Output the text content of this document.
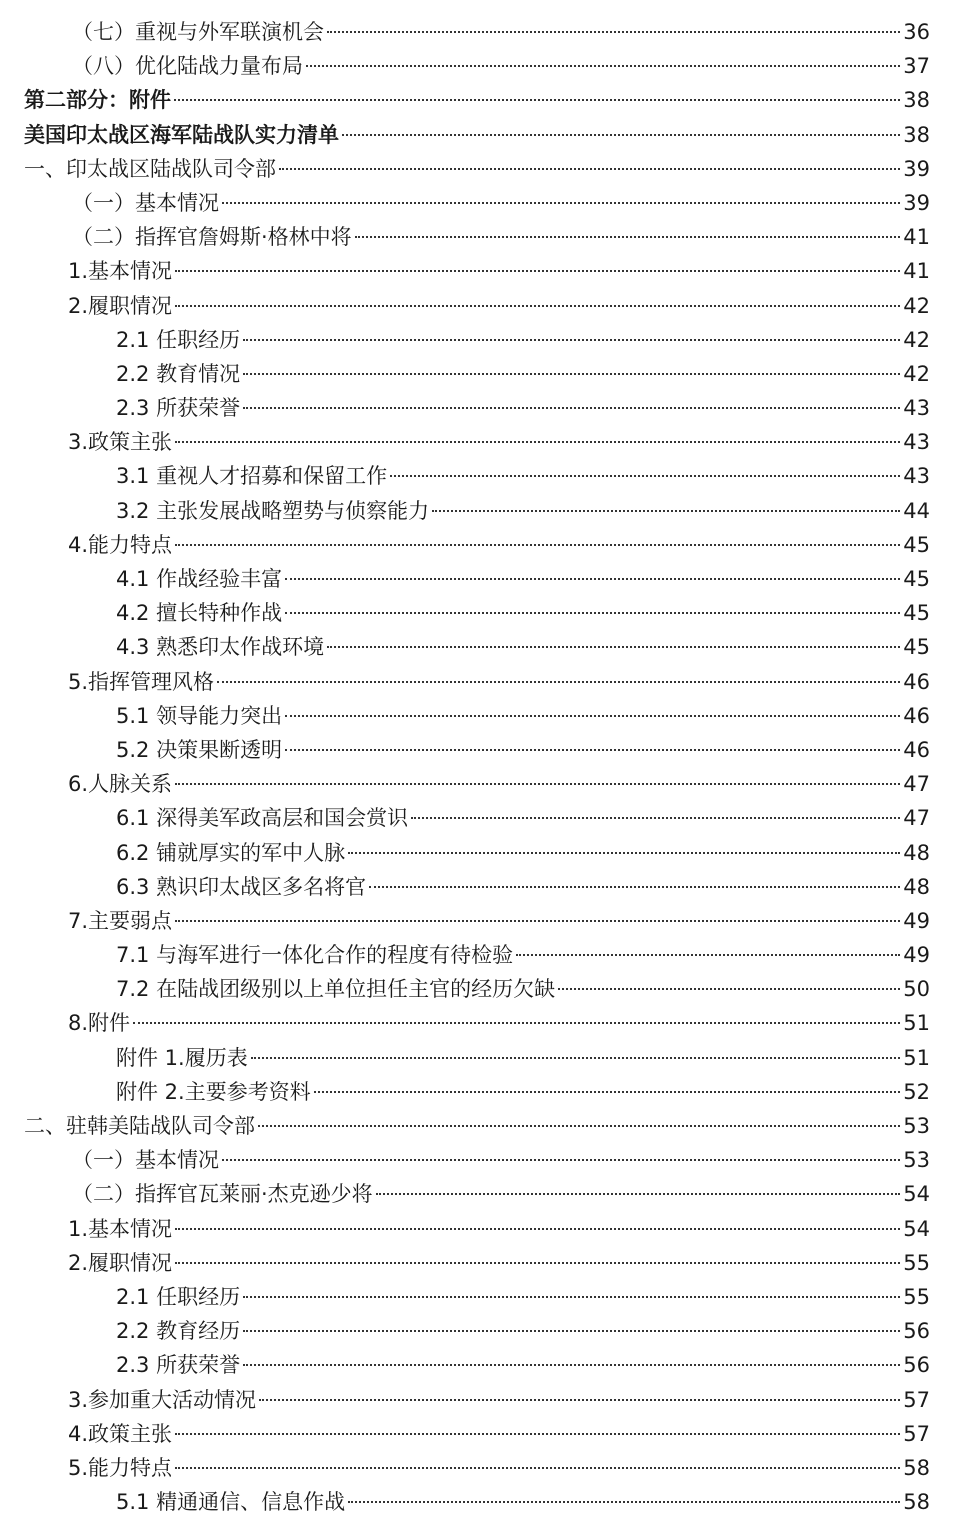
（七）重视与外军联演机会	36
（八）优化陆战力量布局	37
第二部分：附件	38
美国印太战区海军陆战队实力清单	38
一、印太战区陆战队司令部	39
（一）基本情况	39
（二）指挥官詹姆斯·格林中将	41
1.基本情况	41
2.履职情况	42
2.1 任职经历	42
2.2 教育情况	42
2.3 所获荣誉	43
3.政策主张	43
3.1 重视人才招募和保留工作	43
3.2 主张发展战略塑势与侦察能力	44
4.能力特点	45
4.1 作战经验丰富	45
4.2 擅长特种作战	45
4.3 熟悉印太作战环境	45
5.指挥管理风格	46
5.1 领导能力突出	46
5.2 决策果断透明	46
6.人脉关系	47
6.1 深得美军政高层和国会赏识	47
6.2 铺就厚实的军中人脉	48
6.3 熟识印太战区多名将官	48
7.主要弱点	49
7.1 与海军进行一体化合作的程度有待检验	49
7.2 在陆战团级别以上单位担任主官的经历欠缺	50
8.附件	51
附件 1.履历表	51
附件 2.主要参考资料	52
二、驻韩美陆战队司令部	53
（一）基本情况	53
（二）指挥官瓦莱丽·杰克逊少将	54
1.基本情况	54
2.履职情况	55
2.1 任职经历	55
2.2 教育经历	56
2.3 所获荣誉	56
3.参加重大活动情况	57
4.政策主张	57
5.能力特点	58
5.1 精通通信、信息作战	58
